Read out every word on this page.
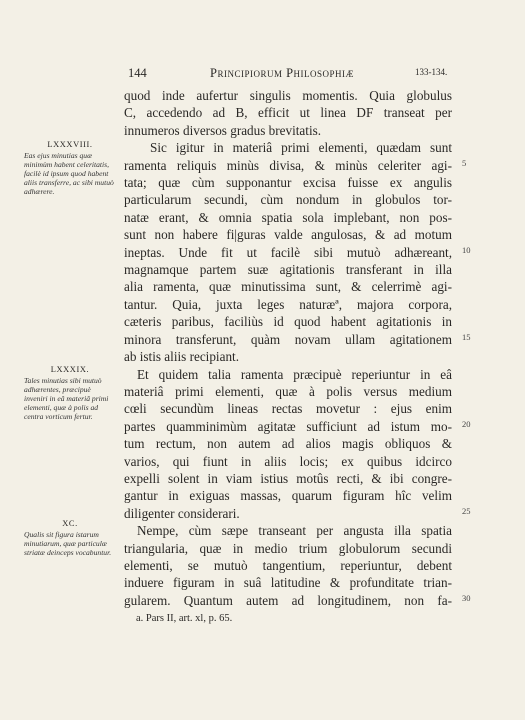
144	Principiorum Philosophiæ	133-134.
LXXXVIII.
Eas ejus minutias quæ minimùm habent celeritatis, facilè id ipsum quod habent aliis transferre, ac sibi mutuò adhærere.
LXXXIX.
Tales minutias sibi mutuò adhærentes, præcipuè inveniri in eâ materiâ primi elementi, quæ à polis ad centra vorticum fertur.
XC.
Qualis sit figura istarum minutiarum, quæ particulæ striatæ deinceps vocabuntur.
quod inde aufertur singulis momentis. Quia globulus
C, accedendo ad B, efficit ut linea DF transeat per
innumeros diversos gradus brevitatis.
Sic igitur in materiâ primi elementi, quædam sunt
ramenta reliquis minùs divisa, & minùs celeriter agi-
tata; quæ cùm supponantur excisa fuisse ex angulis
particularum secundi, cùm nondum in globulos tor-
natæ erant, & omnia spatia sola implebant, non pos-
sunt non habere fi|guras valde angulosas, & ad motum
ineptas. Unde fit ut facilè sibi mutuò adhæreant,
magnamque partem suæ agitationis transferant in illa
alia ramenta, quæ minutissima sunt, & celerrimè agi-
tantur. Quia, juxta leges naturæª, majora corpora,
cæteris paribus, faciliùs id quod habent agitationis in
minora transferunt, quàm novam ullam agitationem
ab istis aliis recipiant.
Et quidem talia ramenta præcipuè reperiuntur in eâ
materiâ primi elementi, quæ à polis versus medium
cœli secundùm lineas rectas movetur : ejus enim
partes quamminimùm agitatæ sufficiunt ad istum mo-
tum rectum, non autem ad alios magis obliquos &
varios, qui fiunt in aliis locis; ex quibus idcirco
expelli solent in viam istius motûs recti, & ibi congre-
gantur in exiguas massas, quarum figuram hîc velim
diligenter considerari.
Nempe, cùm sæpe transeant per angusta illa spatia
triangularia, quæ in medio trium globulorum secundi
elementi, se mutuò tangentium, reperiuntur, debent
induere figuram in suâ latitudine & profunditate trian-
gularem. Quantum autem ad longitudinem, non fa-
5
10
15
20
25
30
a. Pars II, art. xl, p. 65.
